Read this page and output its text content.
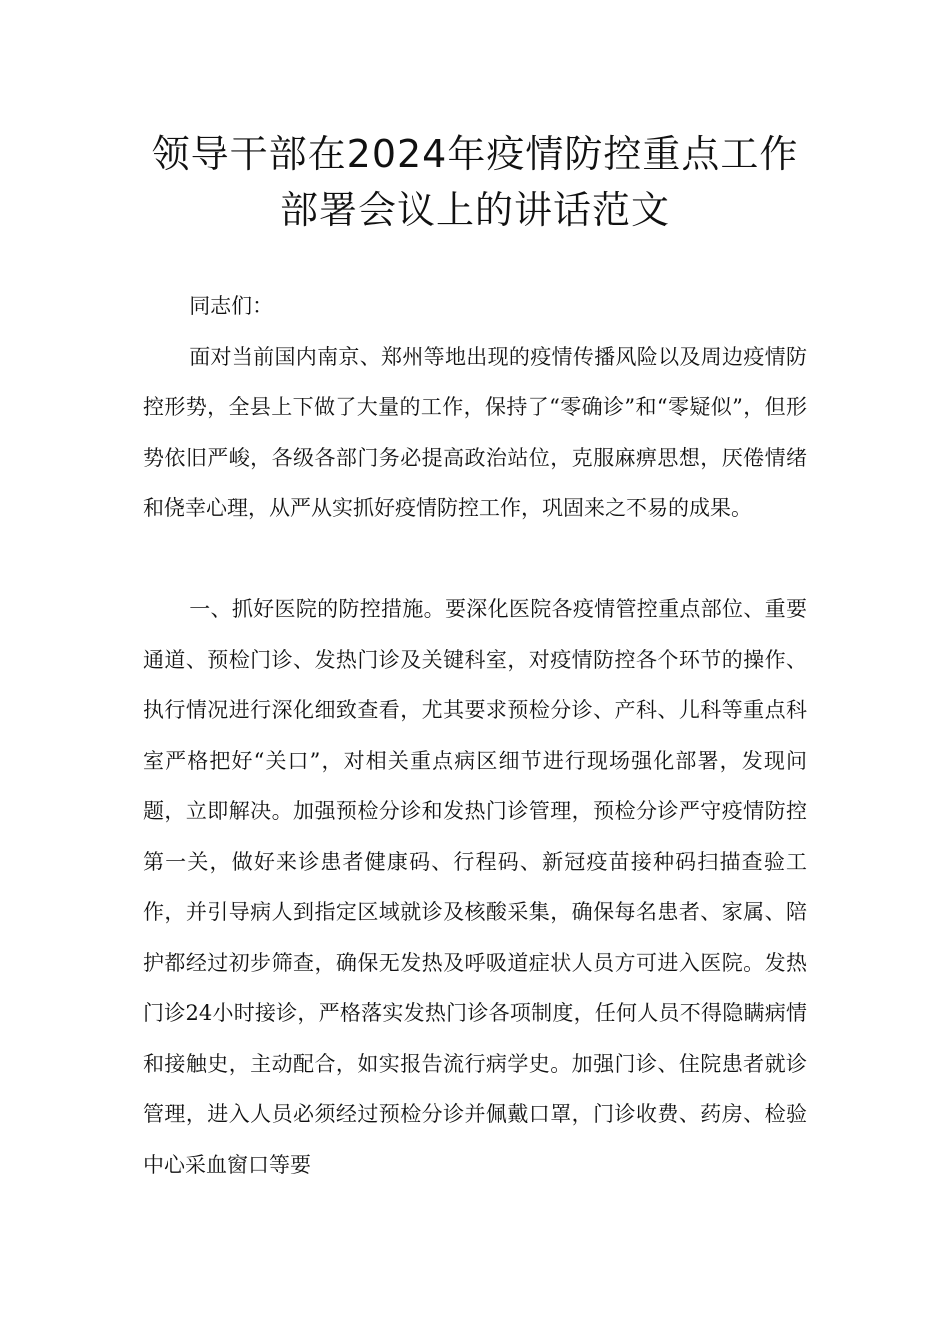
领导干部在2024年疫情防控重点工作
部署会议上的讲话范文

同志们：

面对当前国内南京、郑州等地出现的疫情传播风险以及周边疫情防控形势，全县上下做了大量的工作，保持了“零确诊”和“零疑似”，但形势依旧严峻，各级各部门务必提高政治站位，克服麻痹思想，厌倦情绪和侥幸心理，从严从实抓好疫情防控工作，巩固来之不易的成果。

一、抓好医院的防控措施。要深化医院各疫情管控重点部位、重要通道、预检门诊、发热门诊及关键科室，对疫情防控各个环节的操作、执行情况进行深化细致查看，尤其要求预检分诊、产科、儿科等重点科室严格把好“关口”，对相关重点病区细节进行现场强化部署，发现问题，立即解决。加强预检分诊和发热门诊管理，预检分诊严守疫情防控第一关，做好来诊患者健康码、行程码、新冠疫苗接种码扫描查验工作，并引导病人到指定区域就诊及核酸采集，确保每名患者、家属、陪护都经过初步筛查，确保无发热及呼吸道症状人员方可进入医院。发热门诊24小时接诊，严格落实发热门诊各项制度，任何人员不得隐瞒病情和接触史，主动配合，如实报告流行病学史。加强门诊、住院患者就诊管理，进入人员必须经过预检分诊并佩戴口罩，门诊收费、药房、检验中心采血窗口等要
